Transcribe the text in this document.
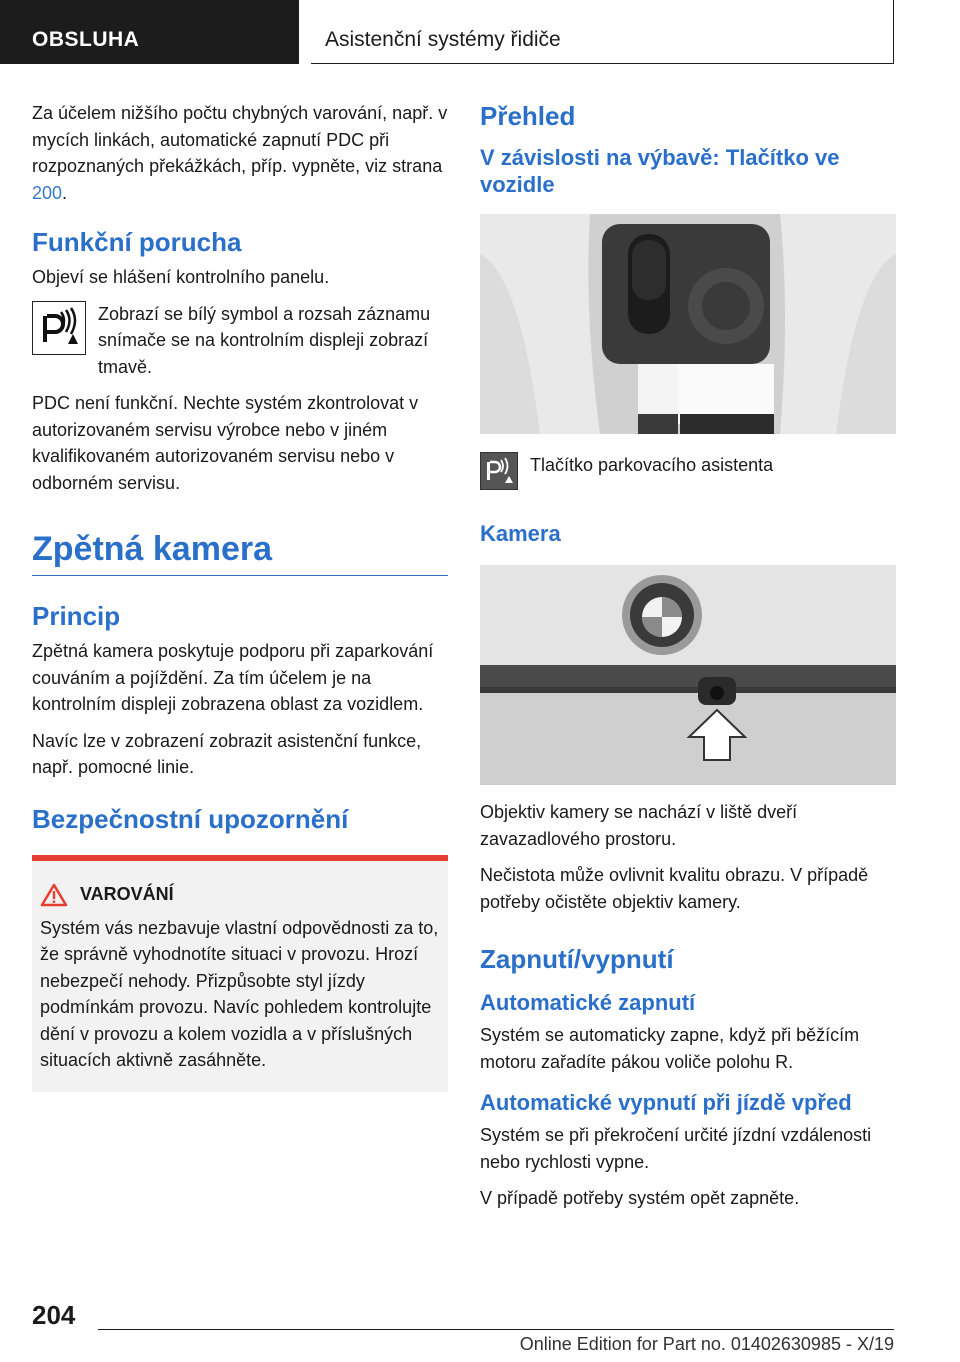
OBSLUHA	Asistenční systémy řidiče

Za účelem nižšího počtu chybných varování, např. v mycích linkách, automatické zapnutí PDC při rozpoznaných překážkách, příp. vypněte, viz strana 200.

Funkční porucha

Objeví se hlášení kontrolního panelu.

Zobrazí se bílý symbol a rozsah záznamu snímače se na kontrolním displeji zobrazí tmavě.

PDC není funkční. Nechte systém zkontrolovat v autorizovaném servisu výrobce nebo v jiném kvalifikovaném autorizovaném servisu nebo v odborném servisu.

Zpětná kamera
Princip

Zpětná kamera poskytuje podporu při zaparkování couváním a pojíždění. Za tím účelem je na kontrolním displeji zobrazena oblast za vozidlem.

Navíc lze v zobrazení zobrazit asistenční funkce, např. pomocné linie.

Bezpečnostní upozornění
VAROVÁNÍ

Systém vás nezbavuje vlastní odpovědnosti za to, že správně vyhodnotíte situaci v provozu. Hrozí nebezpečí nehody. Přizpůsobte styl jízdy podmínkám provozu. Navíc pohledem kontrolujte dění v provozu a kolem vozidla a v příslušných situacích aktivně zasáhněte.

Přehled
V závislosti na výbavě: Tlačítko ve vozidle

Tlačítko parkovacího asistenta

Kamera

Objektiv kamery se nachází v liště dveří zavazadlového prostoru.

Nečistota může ovlivnit kvalitu obrazu. V případě potřeby očistěte objektiv kamery.

Zapnutí/vypnutí
Automatické zapnutí

Systém se automaticky zapne, když při běžícím motoru zařadíte pákou voliče polohu R.

Automatické vypnutí při jízdě vpřed

Systém se při překročení určité jízdní vzdálenosti nebo rychlosti vypne.

V případě potřeby systém opět zapněte.

204
Online Edition for Part no. 01402630985 - X/19
